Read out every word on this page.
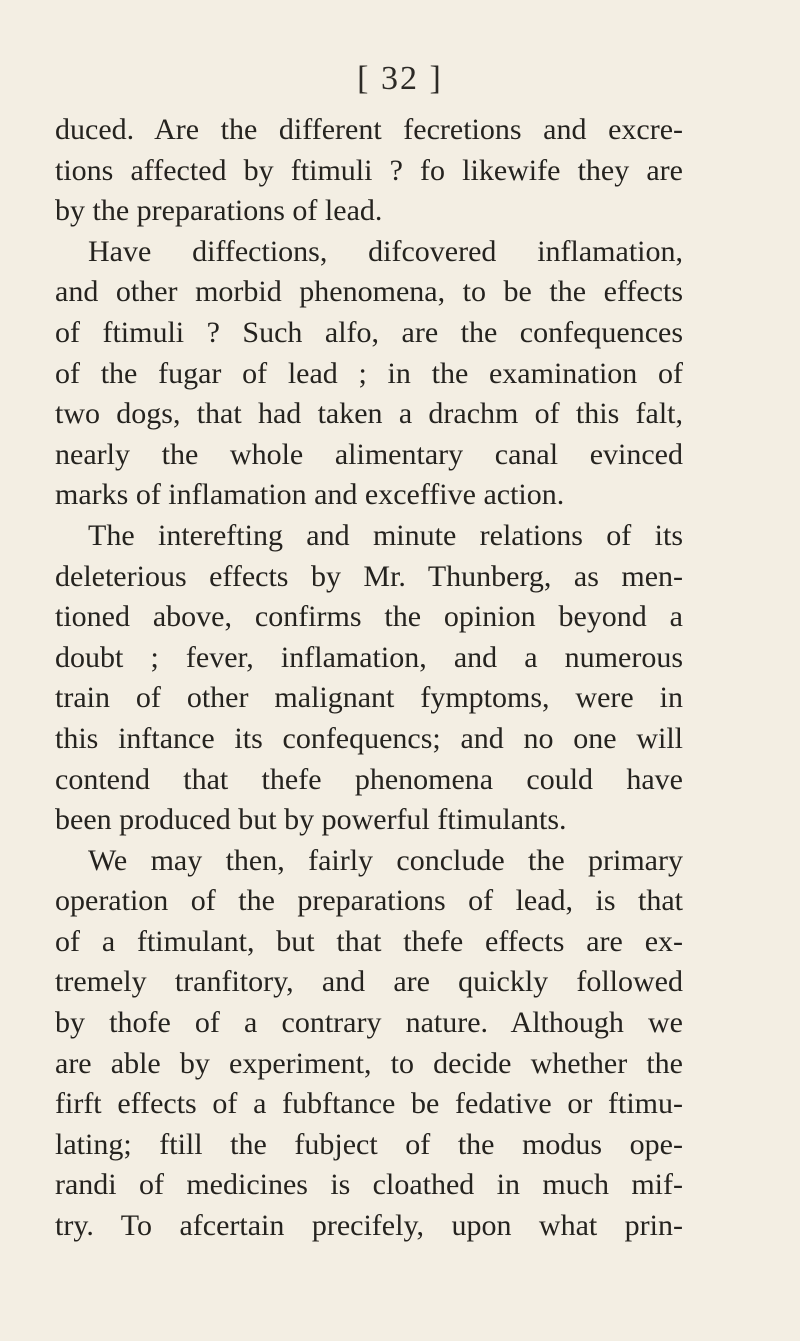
[ 32 ]
duced. Are the different fecretions and excre-
tions affected by ftimuli ? fo likewife they are
by the preparations of lead.
Have diffections, difcovered inflamation,
and other morbid phenomena, to be the effects
of ftimuli ? Such alfo, are the confequences
of the fugar of lead ; in the examination of
two dogs, that had taken a drachm of this falt,
nearly the whole alimentary canal evinced
marks of inflamation and exceffive action.
The interefting and minute relations of its
deleterious effects by Mr. Thunberg, as men-
tioned above, confirms the opinion beyond a
doubt ; fever, inflamation, and a numerous
train of other malignant fymptoms, were in
this inftance its confequencs; and no one will
contend that thefe phenomena could have
been produced but by powerful ftimulants.
We may then, fairly conclude the primary
operation of the preparations of lead, is that
of a ftimulant, but that thefe effects are ex-
tremely tranfitory, and are quickly followed
by thofe of a contrary nature. Although we
are able by experiment, to decide whether the
firft effects of a fubftance be fedative or ftimu-
lating; ftill the fubject of the modus ope-
randi of medicines is cloathed in much mif-
try. To afcertain precifely, upon what prin-
